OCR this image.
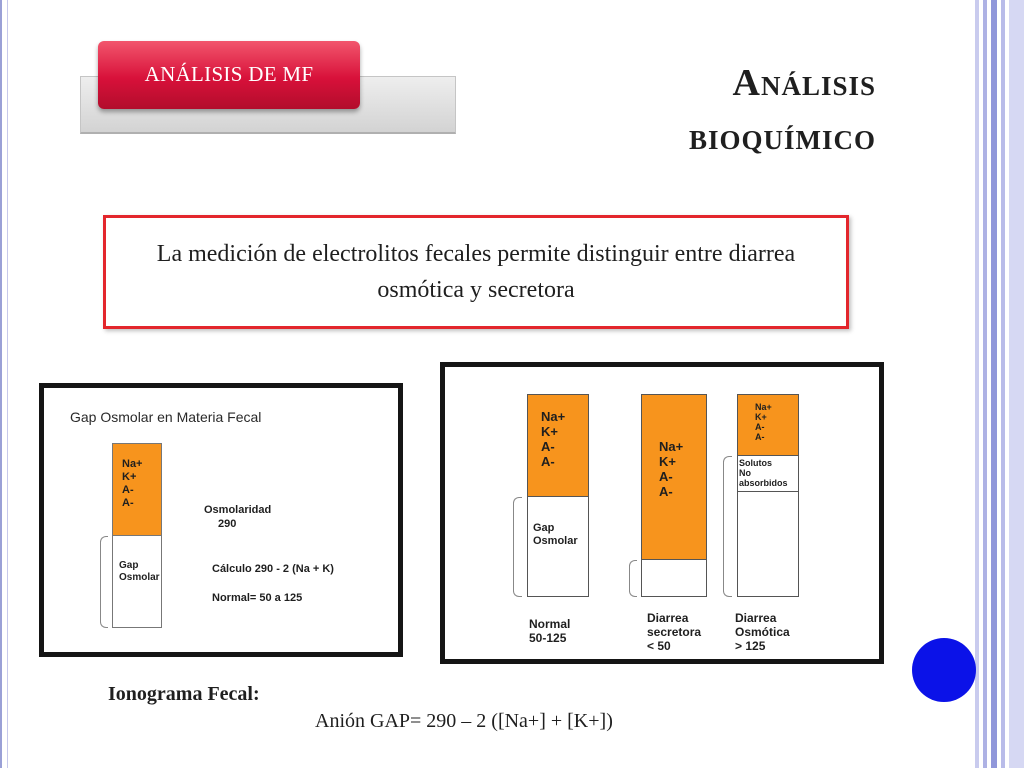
ANÁLISIS DE MF	Análisis
bioquímico
La medición de electrolitos fecales permite distinguir entre diarrea osmótica y secretora
Gap Osmolar en Materia Fecal
Na+
K+
A-
A-
Gap
Osmolar
Osmolaridad
290
Cálculo 290 - 2 (Na + K)
Normal= 50 a 125
Na+
K+
A-
A-
Gap
Osmolar
Normal
50-125
Na+
K+
A-
A-
Diarrea
secretora
< 50
Na+
K+
A-
A-
Solutos
No
absorbidos
Diarrea
Osmótica
> 125
Ionograma Fecal:
Anión GAP= 290 – 2 ([Na+] + [K+])
